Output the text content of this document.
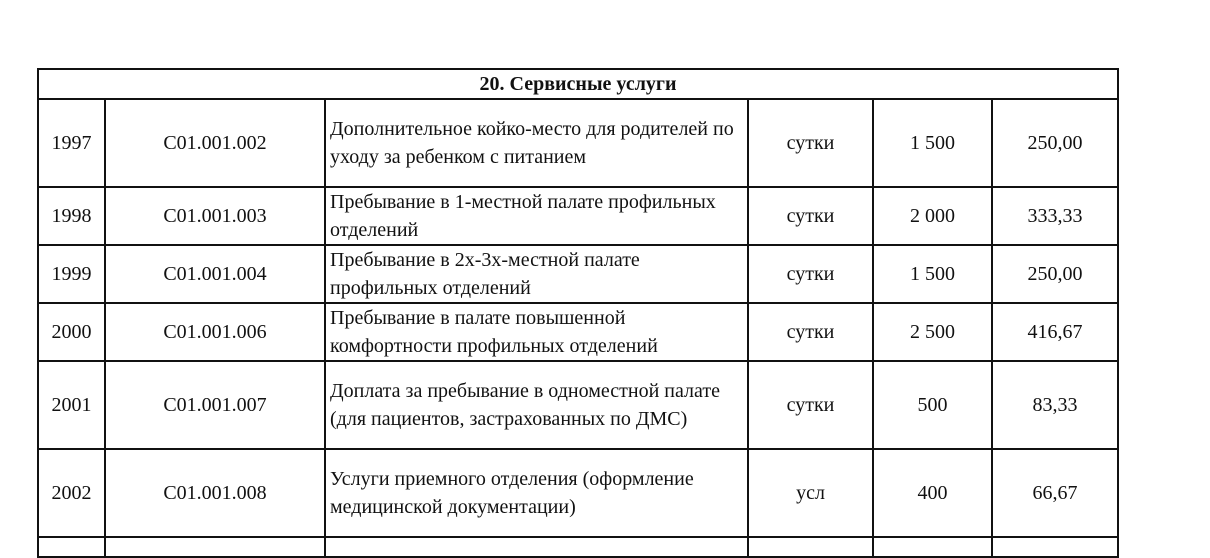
20. Сервисные услуги					
1997	C01.001.002	Дополнительное койко-место для родителей по уходу за ребенком с питанием	сутки	1 500	250,00
1998	C01.001.003	Пребывание в 1-местной палате профильных отделений	сутки	2 000	333,33
1999	C01.001.004	Пребывание в 2х-3х-местной палате профильных отделений	сутки	1 500	250,00
2000	C01.001.006	Пребывание в палате повышенной комфортности профильных отделений	сутки	2 500	416,67
2001	C01.001.007	Доплата за пребывание в одноместной палате (для пациентов, застрахованных по ДМС)	сутки	500	83,33
2002	C01.001.008	Услуги приемного отделения (оформление медицинской документации)	усл	400	66,67
